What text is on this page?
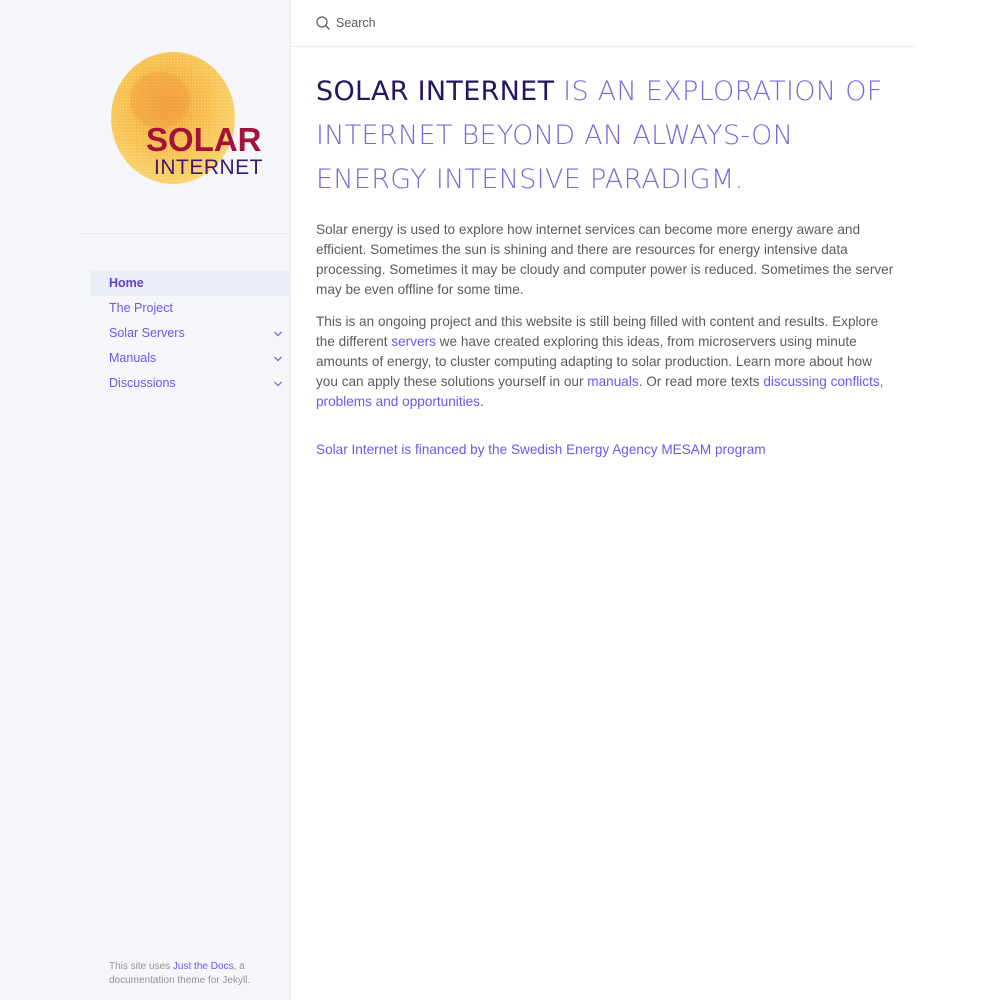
SOLAR
INTERNET
Home
The Project
Solar Servers
Manuals
Discussions
This site uses Just the Docs, a documentation theme for Jekyll.
Search
SOLAR INTERNET IS AN EXPLORATION OF INTERNET BEYOND AN ALWAYS-ON ENERGY INTENSIVE PARADIGM.

Solar energy is used to explore how internet services can become more energy aware and efficient. Sometimes the sun is shining and there are resources for energy intensive data processing. Sometimes it may be cloudy and computer power is reduced. Sometimes the server may be even offline for some time.

This is an ongoing project and this website is still being filled with content and results. Explore the different servers we have created exploring this ideas, from microservers using minute amounts of energy, to cluster computing adapting to solar production. Learn more about how you can apply these solutions yourself in our manuals. Or read more texts discussing conflicts, problems and opportunities.

Solar Internet is financed by the Swedish Energy Agency MESAM program
